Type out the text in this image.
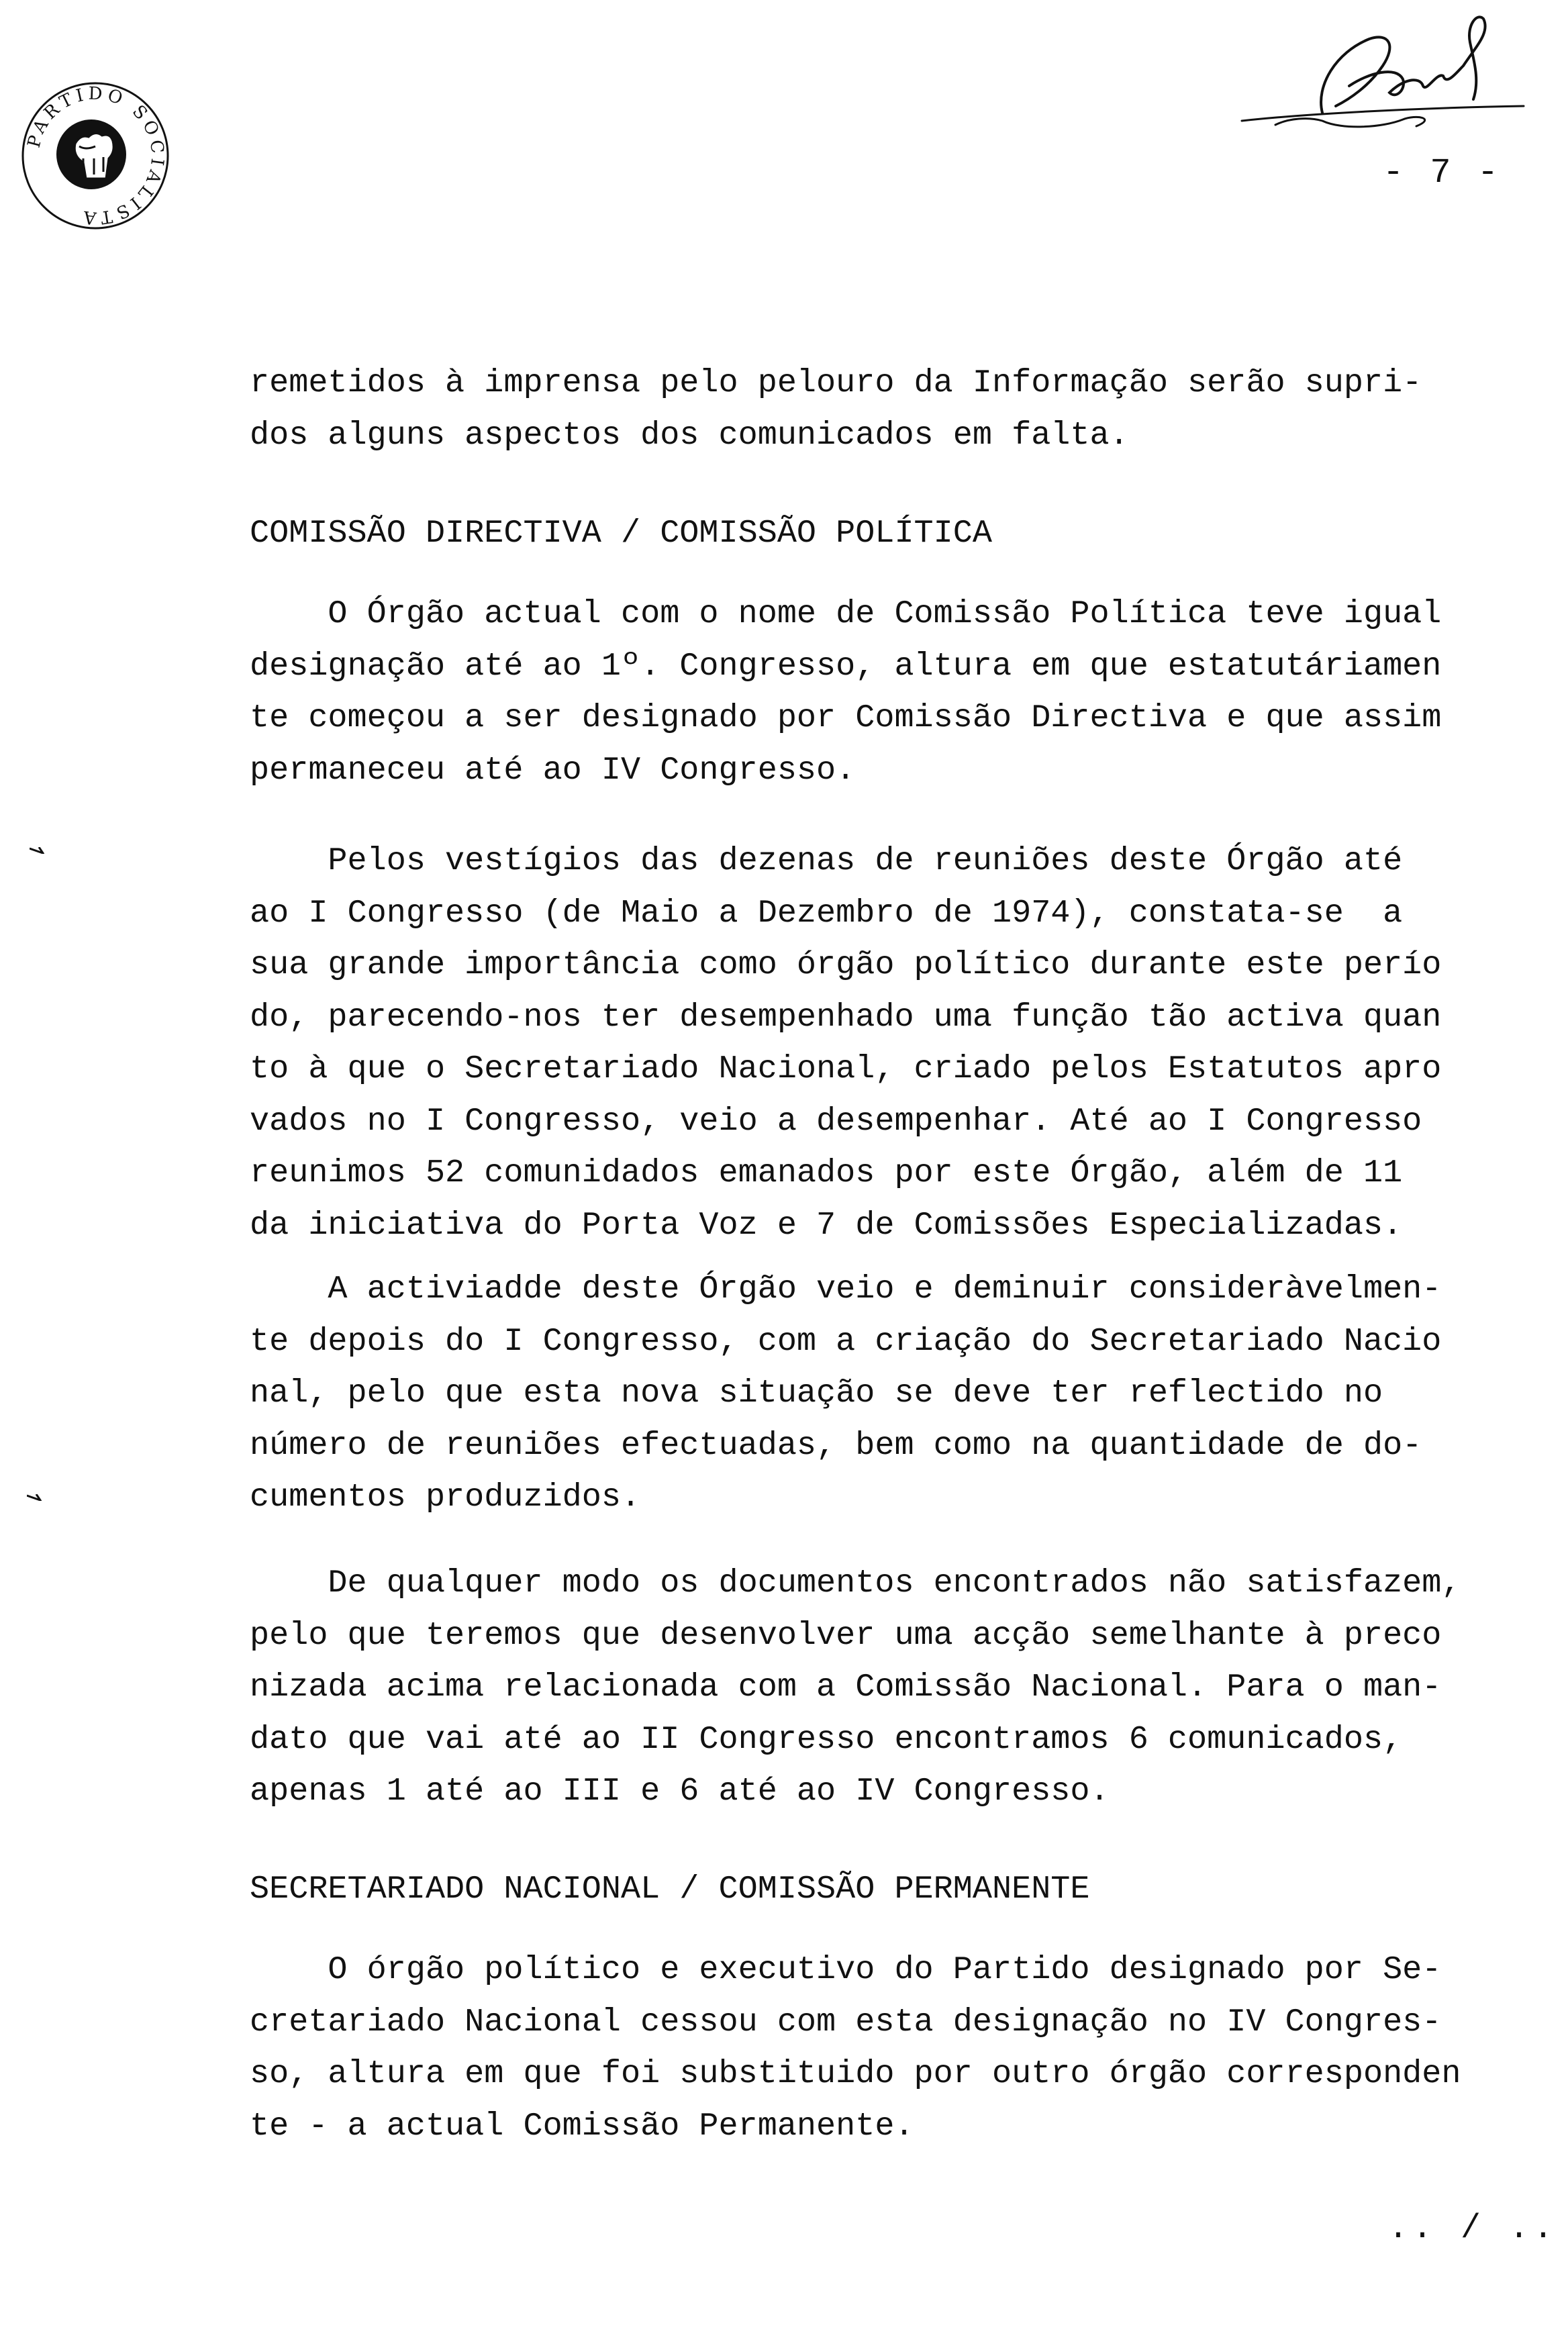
PARTIDO SOCIALISTA
- 7 -
remetidos à imprensa pelo pelouro da Informação serão supri-
dos alguns aspectos dos comunicados em falta.
COMISSÃO DIRECTIVA / COMISSÃO POLÍTICA
O Órgão actual com o nome de Comissão Política teve igual
designação até ao 1º. Congresso, altura em que estatutáriamen
te começou a ser designado por Comissão Directiva e que assim
permaneceu até ao IV Congresso.
Pelos vestígios das dezenas de reuniões deste Órgão até
ao I Congresso (de Maio a Dezembro de 1974), constata-se  a
sua grande importância como órgão político durante este perío
do, parecendo-nos ter desempenhado uma função tão activa quan
to à que o Secretariado Nacional, criado pelos Estatutos apro
vados no I Congresso, veio a desempenhar. Até ao I Congresso
reunimos 52 comunidados emanados por este Órgão, além de 11
da iniciativa do Porta Voz e 7 de Comissões Especializadas.
A activiadde deste Órgão veio e deminuir consideràvelmen-
te depois do I Congresso, com a criação do Secretariado Nacio
nal, pelo que esta nova situação se deve ter reflectido no
número de reuniões efectuadas, bem como na quantidade de do-
cumentos produzidos.
De qualquer modo os documentos encontrados não satisfazem,
pelo que teremos que desenvolver uma acção semelhante à preco
nizada acima relacionada com a Comissão Nacional. Para o man-
dato que vai até ao II Congresso encontramos 6 comunicados,
apenas 1 até ao III e 6 até ao IV Congresso.
SECRETARIADO NACIONAL / COMISSÃO PERMANENTE
O órgão político e executivo do Partido designado por Se-
cretariado Nacional cessou com esta designação no IV Congres-
so, altura em que foi substituido por outro órgão corresponden
te - a actual Comissão Permanente.
.. / ..
